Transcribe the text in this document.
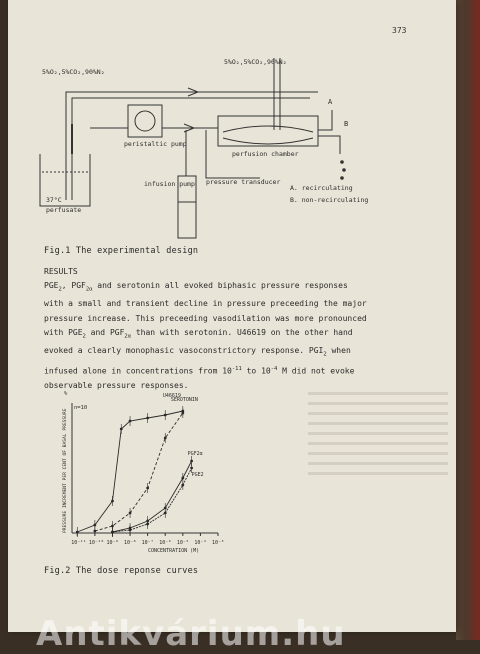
373
5%O₂,5%CO₂,90%N₂
5%O₂,5%CO₂,90%N₂
peristaltic pump
perfusion chamber
infusion pump pressure transducer
37°C
perfusate
A
B
A. recirculating
B. non-recirculating
Fig.1 The experimental design
RESULTS
$PGE_2$, $PGF_{2\alpha}$ and serotonin all evoked biphasic pressure responses
with a small and transient decline in pressure preceeding the major
pressure increase. This preceeding vasodilation was more pronounced
with $PGE_2$ and $PGF_{2\alpha}$ than with serotonin. U46619 on the other hand
evoked a clearly monophasic vasoconstrictory response. $PGI_2$ when
infused alone in concentrations from $10^{-11}$ to $10^{-4}$ M did not evoke
observable pressure responses.
10⁻¹¹ 10⁻¹⁰ 10⁻⁹ 10⁻⁸ 10⁻⁷ 10⁻⁶ 10⁻⁵ 10⁻⁴ 10⁻³
CONCENTRATION (M)
PRESSURE INCREMENT PER CENT OF BASAL PRESSURE
n=10
%	U46619
SEROTONIN
PGF2α
PGE2
Fig.2 The dose reponse curves
Antikvárium.hu
